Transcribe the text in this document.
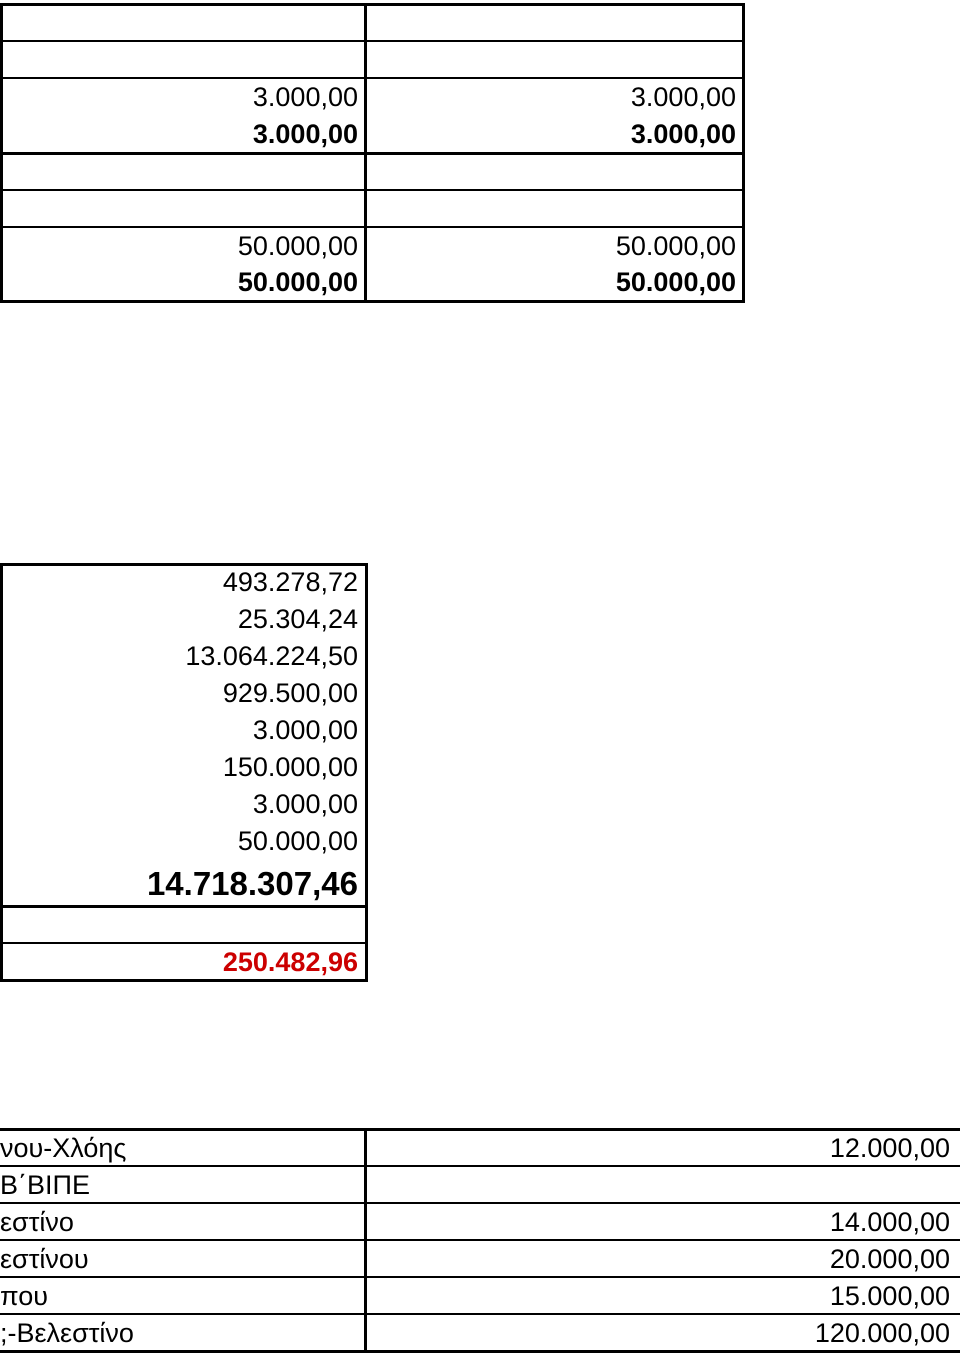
3.000,00	3.000,00
3.000,00	3.000,00
50.000,00	50.000,00
50.000,00	50.000,00
493.278,72
25.304,24
13.064.224,50
929.500,00
3.000,00
150.000,00
3.000,00
50.000,00
14.718.307,46
250.482,96
νου-Χλόης	12.000,00
Β΄ΒΙΠΕ
εστίνο	14.000,00
εστίνου	20.000,00
που	15.000,00
;-Βελεστίνο	120.000,00
